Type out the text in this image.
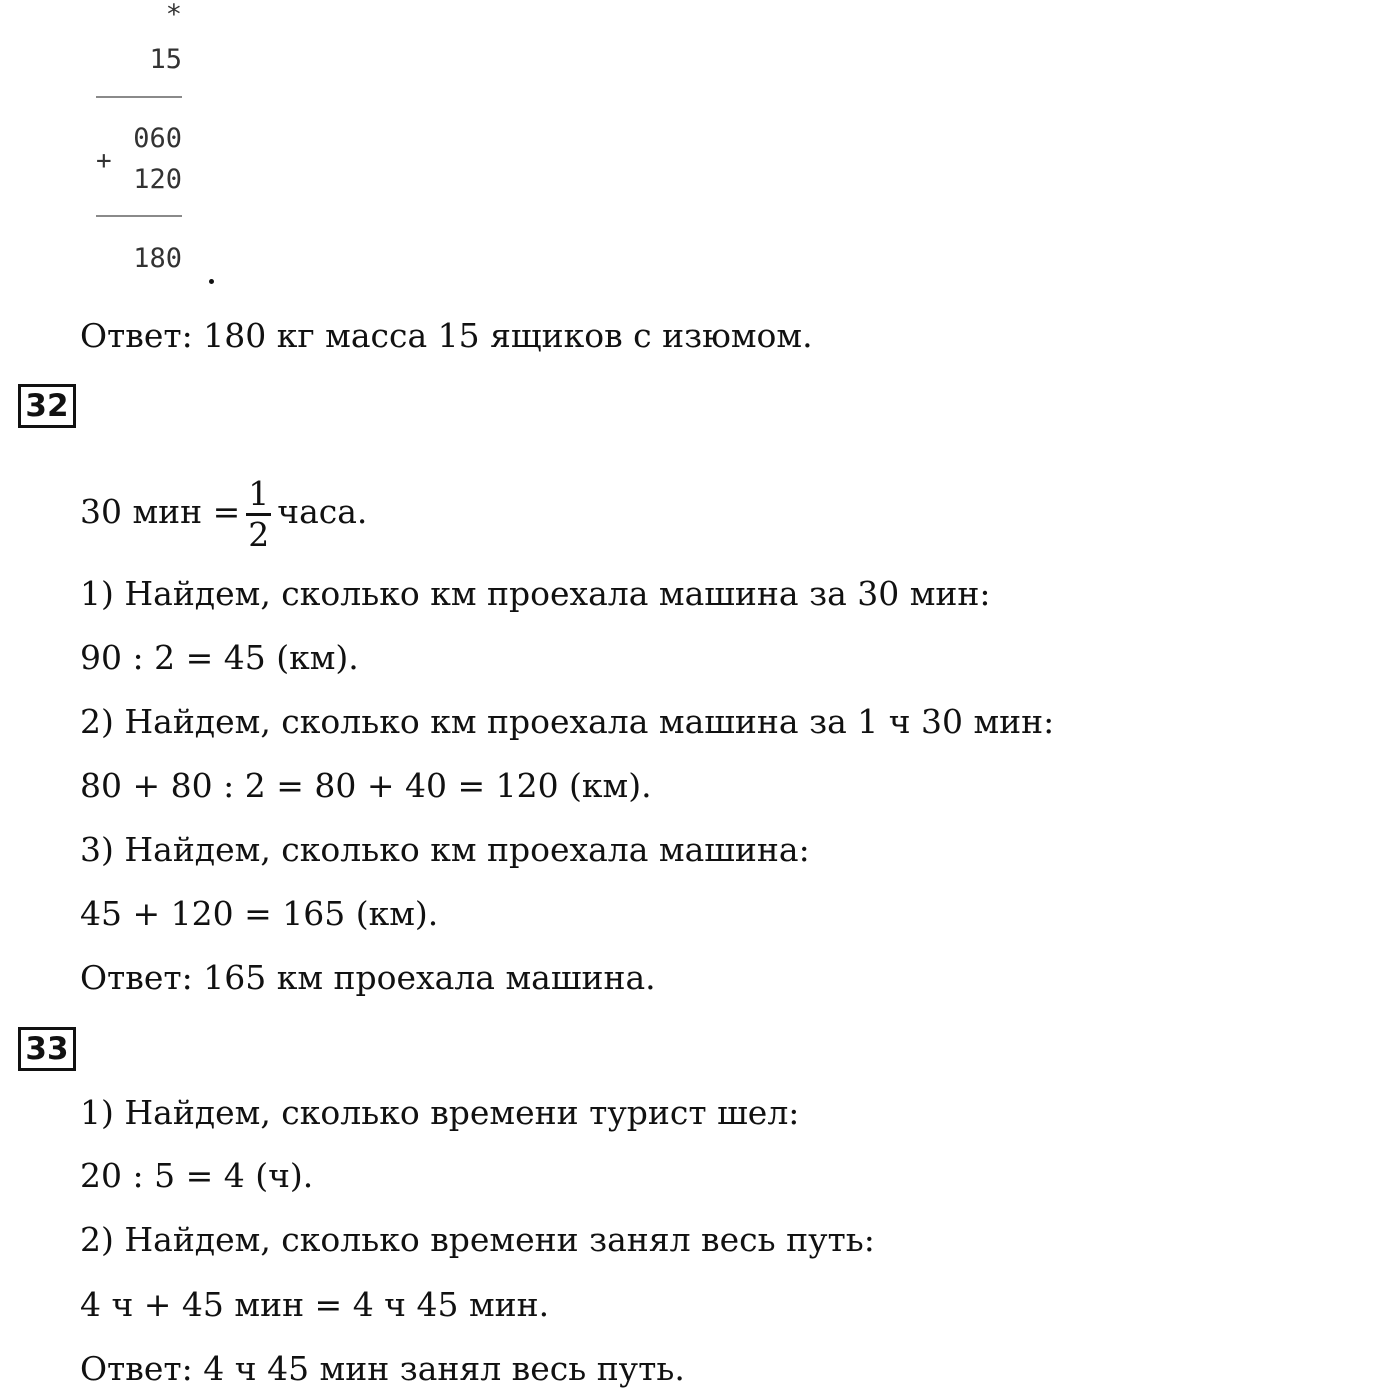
*
15
060
+
120
180
Ответ: 180 кг масса 15 ящиков с изюмом.
32
30 мин = $\frac{1}{2}$ часа.
1) Найдем, сколько км проехала машина за 30 мин:
90 : 2 = 45 (км).
2) Найдем, сколько км проехала машина за 1 ч 30 мин:
80 + 80 : 2 = 80 + 40 = 120 (км).
3) Найдем, сколько км проехала машина:
45 + 120 = 165 (км).
Ответ: 165 км проехала машина.
33
1) Найдем, сколько времени турист шел:
20 : 5 = 4 (ч).
2) Найдем, сколько времени занял весь путь:
4 ч + 45 мин = 4 ч 45 мин.
Ответ: 4 ч 45 мин занял весь путь.
